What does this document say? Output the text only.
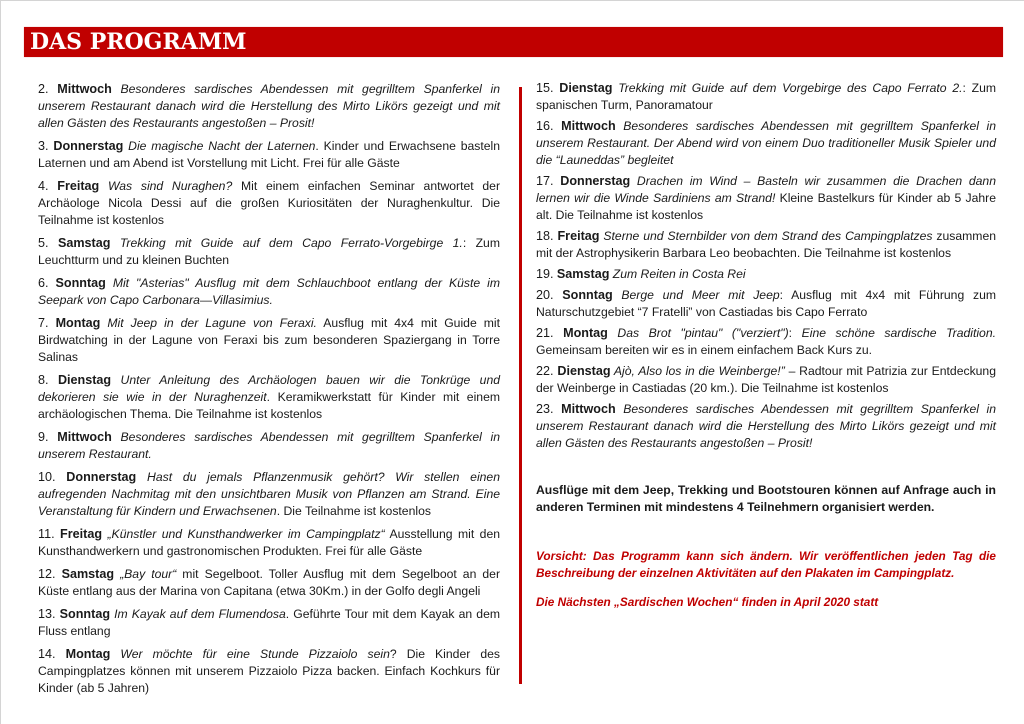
DAS PROGRAMM

2. Mittwoch Besonderes sardisches Abendessen mit gegrilltem Spanferkel in unserem Restaurant danach wird die Herstellung des Mirto Likörs gezeigt und mit allen Gästen des Restaurants angestoßen – Prosit!

3. Donnerstag Die magische Nacht der Laternen. Kinder und Erwachsene basteln Laternen und am Abend ist Vorstellung mit Licht. Frei für alle Gäste

4. Freitag Was sind Nuraghen? Mit einem einfachen Seminar antwortet der Archäologe Nicola Dessi auf die großen Kuriositäten der Nuraghenkultur. Die Teilnahme ist kostenlos

5. Samstag Trekking mit Guide auf dem Capo Ferrato-Vorgebirge 1.: Zum Leuchtturm und zu kleinen Buchten

6. Sonntag Mit "Asterias" Ausflug mit dem Schlauchboot entlang der Küste im Seepark von Capo Carbonara—Villasimius.

7. Montag Mit Jeep in der Lagune von Feraxi. Ausflug mit 4x4 mit Guide mit Birdwatching in der Lagune von Feraxi bis zum besonderen Spaziergang in Torre Salinas

8. Dienstag Unter Anleitung des Archäologen bauen wir die Tonkrüge und dekorieren sie wie in der Nuraghenzeit. Keramikwerkstatt für Kinder mit einem archäologischen Thema. Die Teilnahme ist kostenlos

9. Mittwoch Besonderes sardisches Abendessen mit gegrilltem Spanferkel in unserem Restaurant.

10. Donnerstag Hast du jemals Pflanzenmusik gehört? Wir stellen einen aufregenden Nachmitag mit den unsichtbaren Musik von Pflanzen am Strand. Eine Veranstaltung für Kindern und Erwachsenen. Die Teilnahme ist kostenlos

11. Freitag „Künstler und Kunsthandwerker im Campingplatz“ Ausstellung mit den Kunsthandwerkern und gastronomischen Produkten. Frei für alle Gäste

12. Samstag „Bay tour“ mit Segelboot. Toller Ausflug mit dem Segelboot an der Küste entlang aus der Marina von Capitana (etwa 30Km.) in der Golfo degli Angeli

13. Sonntag Im Kayak auf dem Flumendosa. Geführte Tour mit dem Kayak an dem Fluss entlang

14. Montag Wer möchte für eine Stunde Pizzaiolo sein? Die Kinder des Campingplatzes können mit unserem Pizzaiolo Pizza backen. Einfach Kochkurs für Kinder (ab 5 Jahren)

15. Dienstag Trekking mit Guide auf dem Vorgebirge des Capo Ferrato 2.: Zum spanischen Turm, Panoramatour

16. Mittwoch Besonderes sardisches Abendessen mit gegrilltem Spanferkel in unserem Restaurant. Der Abend wird von einem Duo traditioneller Musik Spieler und die “Launeddas” begleitet

17. Donnerstag Drachen im Wind – Basteln wir zusammen die Drachen dann lernen wir die Winde Sardiniens am Strand! Kleine Bastelkurs für Kinder ab 5 Jahre alt. Die Teilnahme ist kostenlos

18. Freitag Sterne und Sternbilder von dem Strand des Campingplatzes zusammen mit der Astrophysikerin Barbara Leo beobachten. Die Teilnahme ist kostenlos

19. Samstag Zum Reiten in Costa Rei

20. Sonntag Berge und Meer mit Jeep: Ausflug mit 4x4 mit Führung zum Naturschutzgebiet “7 Fratelli” von Castiadas bis Capo Ferrato

21. Montag Das Brot "pintau" ("verziert"): Eine schöne sardische Tradition. Gemeinsam bereiten wir es in einem einfachem Back Kurs zu.

22. Dienstag Ajò, Also los in die Weinberge!” – Radtour mit Patrizia zur Entdeckung der Weinberge in Castiadas (20 km.). Die Teilnahme ist kostenlos

23. Mittwoch Besonderes sardisches Abendessen mit gegrilltem Spanferkel in unserem Restaurant danach wird die Herstellung des Mirto Likörs gezeigt und mit allen Gästen des Restaurants angestoßen – Prosit!

Ausflüge mit dem Jeep, Trekking und Bootstouren können auf Anfrage auch in anderen Terminen mit mindestens 4 Teilnehmern organisiert werden.

Vorsicht: Das Programm kann sich ändern. Wir veröffentlichen jeden Tag die Beschreibung der einzelnen Aktivitäten auf den Plakaten im Campingplatz.

Die Nächsten „Sardischen Wochen“ finden in April 2020 statt
